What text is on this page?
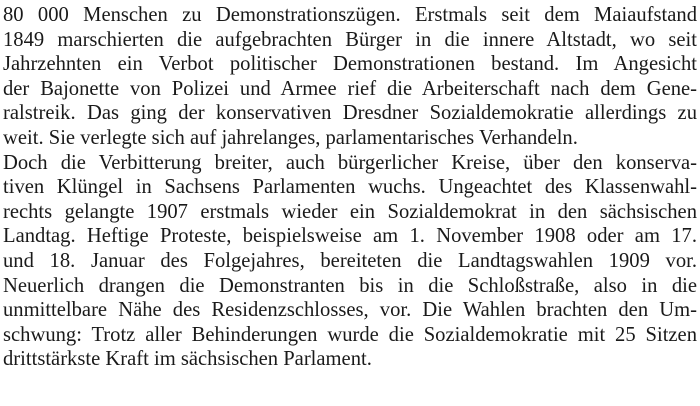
80 000 Menschen zu Demonstrationszügen. Erstmals seit dem Maiaufstand
1849 marschierten die aufgebrachten Bürger in die innere Altstadt, wo seit
Jahrzehnten ein Verbot politischer Demonstrationen bestand. Im Angesicht
der Bajonette von Polizei und Armee rief die Arbeiterschaft nach dem Gene-
ralstreik. Das ging der konservativen Dresdner Sozialdemokratie allerdings zu
weit. Sie verlegte sich auf jahrelanges, parlamentarisches Verhandeln.
Doch die Verbitterung breiter, auch bürgerlicher Kreise, über den konserva-
tiven Klüngel in Sachsens Parlamenten wuchs. Ungeachtet des Klassenwahl-
rechts gelangte 1907 erstmals wieder ein Sozialdemokrat in den sächsischen
Landtag. Heftige Proteste, beispielsweise am 1. November 1908 oder am 17.
und 18. Januar des Folgejahres, bereiteten die Landtagswahlen 1909 vor.
Neuerlich drangen die Demonstranten bis in die Schloßstraße, also in die
unmittelbare Nähe des Residenzschlosses, vor. Die Wahlen brachten den Um-
schwung: Trotz aller Behinderungen wurde die Sozialdemokratie mit 25 Sitzen
drittstärkste Kraft im sächsischen Parlament.
